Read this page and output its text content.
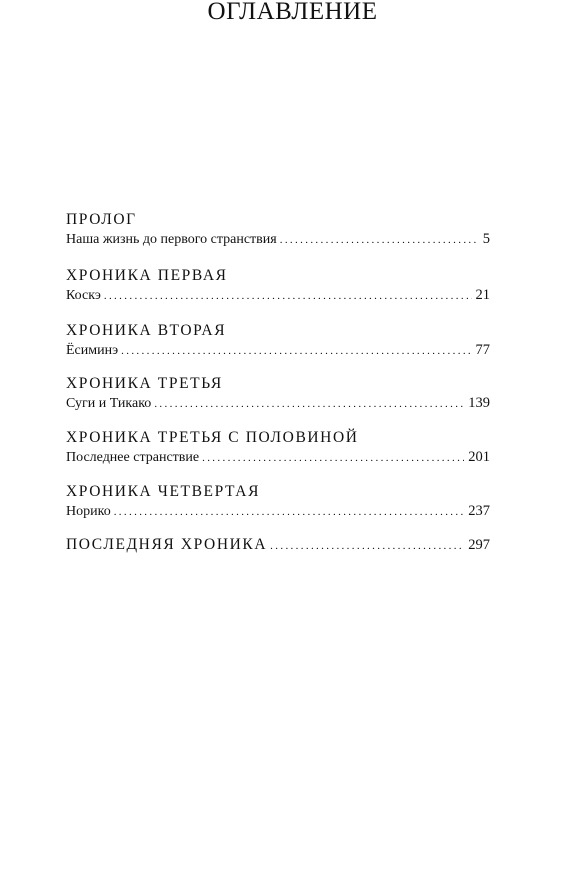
ОГЛАВЛЕНИЕ
ПРОЛОГ
Наша жизнь до первого странствия . . .	5
ХРОНИКА ПЕРВАЯ
Коскэ . . .	21
ХРОНИКА ВТОРАЯ
Ёсиминэ . . .	77
ХРОНИКА ТРЕТЬЯ
Суги и Тикако . . .	139
ХРОНИКА ТРЕТЬЯ С ПОЛОВИНОЙ
Последнее странствие . . .	201
ХРОНИКА ЧЕТВЕРТАЯ
Норико . . .	237
ПОСЛЕДНЯЯ ХРОНИКА . . .	297
